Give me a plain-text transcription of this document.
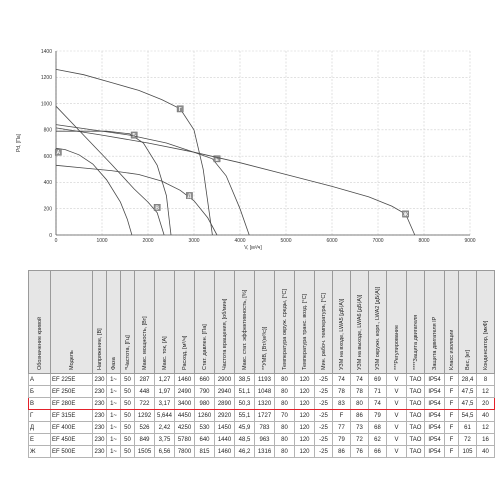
0	1000	2000	3000	4000	5000	6000	7000	8000	9000
0
200
400
600
800
1000
1200
1400
V, [м³/ч]
Pd, [Па]
А
Б
В
Г
Д
Е
Ж
Обозначение кривой	Модель	Напряжение, [В]	Фаза	*Частота, [Гц]	Макс. мощность, [Вт]	Макс. ток, [А]	Расход, [м³/ч]	Стат. давлен. [Па]	Частота вращения, [об/мин]	Макс. стат. эффективность, [%]	**УМВ, [Вт/(м³/с)]	Температура окруж. среды, [°С]	Температура транс. возд. [°С]	Мин. рабоч. температура, [°С]	УЗМ на входе, LWA5 [дБ(А)]	УЗМ на выходе, LWA6 [дБ(А)]	УЗМ окружн. корп., LWA2 [дБ(А)]	***Регулирование	****Защита двигателя	Защита двигателя IP	Класс изоляции	Вес, [кг]	Конденсатор, [мкФ]

А	EF 225E	230	1~	50	287	1,27	1460	660	2900	38,5	1193	80	120	-25	74	74	69	V	TAO	IP54	F	28,4	8
Б	EF 250E	230	1~	50	448	1,97	2490	790	2940	51,1	1048	80	120	-25	78	78	71	V	TAO	IP54	F	47,5	12
В	EF 280E	230	1~	50	722	3,17	3400	980	2890	50,3	1320	80	120	-25	83	80	74	V	TAO	IP54	F	47,5	20
Г	EF 315E	230	1~	50	1292	5,644	4450	1260	2920	55,1	1727	70	120	-25	F	86	79	V	TAO	IP54	F	54,5	40
Д	EF 400E	230	1~	50	526	2,42	4250	530	1450	45,9	783	80	120	-25	77	73	68	V	TAO	IP54	F	61	12
Е	EF 450E	230	1~	50	849	3,75	5780	640	1440	48,5	963	80	120	-25	79	72	62	V	TAO	IP54	F	72	16
Ж	EF 500E	230	1~	50	1505	6,56	7800	815	1460	46,2	1316	80	120	-25	86	76	66	V	TAO	IP54	F	105	40
